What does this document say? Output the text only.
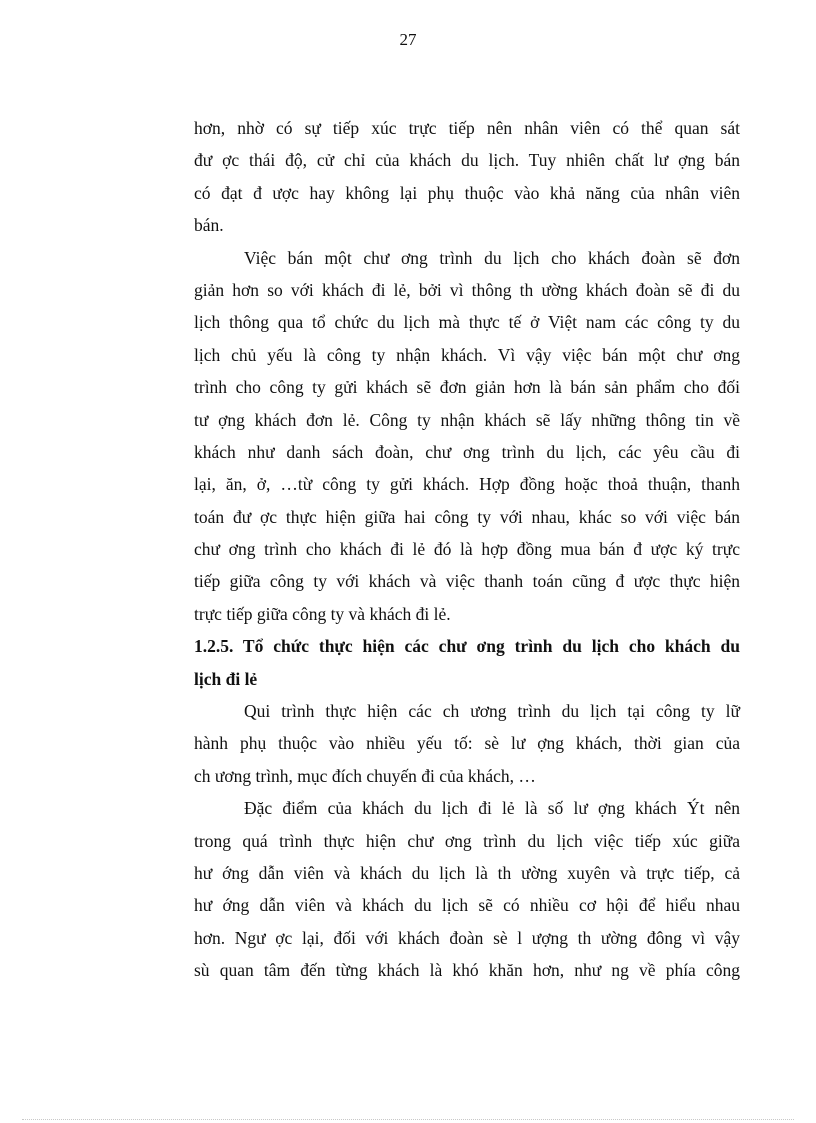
27
hơn, nhờ có sự tiếp xúc trực tiếp nên nhân viên có thể quan sát
đư ợc thái độ, cử chỉ của khách du lịch. Tuy nhiên chất lư ợng bán
có đạt đ ược hay không lại phụ thuộc vào khả năng của nhân viên
bán.
Việc bán một chư ơng trình du lịch cho khách đoàn sẽ đơn
giản hơn so với khách đi lẻ, bởi vì thông th ường khách đoàn sẽ đi du
lịch thông qua tổ chức du lịch mà thực tế ở Việt nam các công ty du
lịch chủ yếu là công ty nhận khách. Vì vậy việc bán một chư ơng
trình cho công ty gửi khách sẽ đơn giản hơn là bán sản phẩm cho đối
tư ợng khách đơn lẻ. Công ty nhận khách sẽ lấy những thông tin về
khách như danh sách đoàn, chư ơng trình du lịch, các yêu cầu đi
lại, ăn, ở, …từ công ty gửi khách. Hợp đồng hoặc thoả thuận, thanh
toán đư ợc thực hiện giữa hai công ty với nhau, khác so với việc bán
chư ơng trình cho khách đi lẻ đó là hợp đồng mua bán đ ược ký trực
tiếp giữa công ty với khách và việc thanh toán cũng đ ược thực hiện
trực tiếp giữa công ty và khách đi lẻ.
1.2.5. Tổ chức thực hiện các chư ơng trình du lịch cho khách du
lịch đi lẻ
Qui trình thực hiện các ch ương trình du lịch tại công ty lữ
hành phụ thuộc vào nhiều yếu tố: sè lư ợng khách, thời gian của
ch ương trình, mục đích chuyến đi của khách, …
Đặc điểm của khách du lịch đi lẻ là số lư ợng khách Ýt nên
trong quá trình thực hiện chư ơng trình du lịch việc tiếp xúc giữa
hư ớng dẫn viên và khách du lịch là th ường xuyên và trực tiếp, cả
hư ớng dẫn viên và khách du lịch sẽ có nhiều cơ hội để hiểu nhau
hơn. Ngư ợc lại, đối với khách đoàn sè l ượng th ường đông vì vậy
sù quan tâm đến từng khách là khó khăn hơn, như ng về phía công
